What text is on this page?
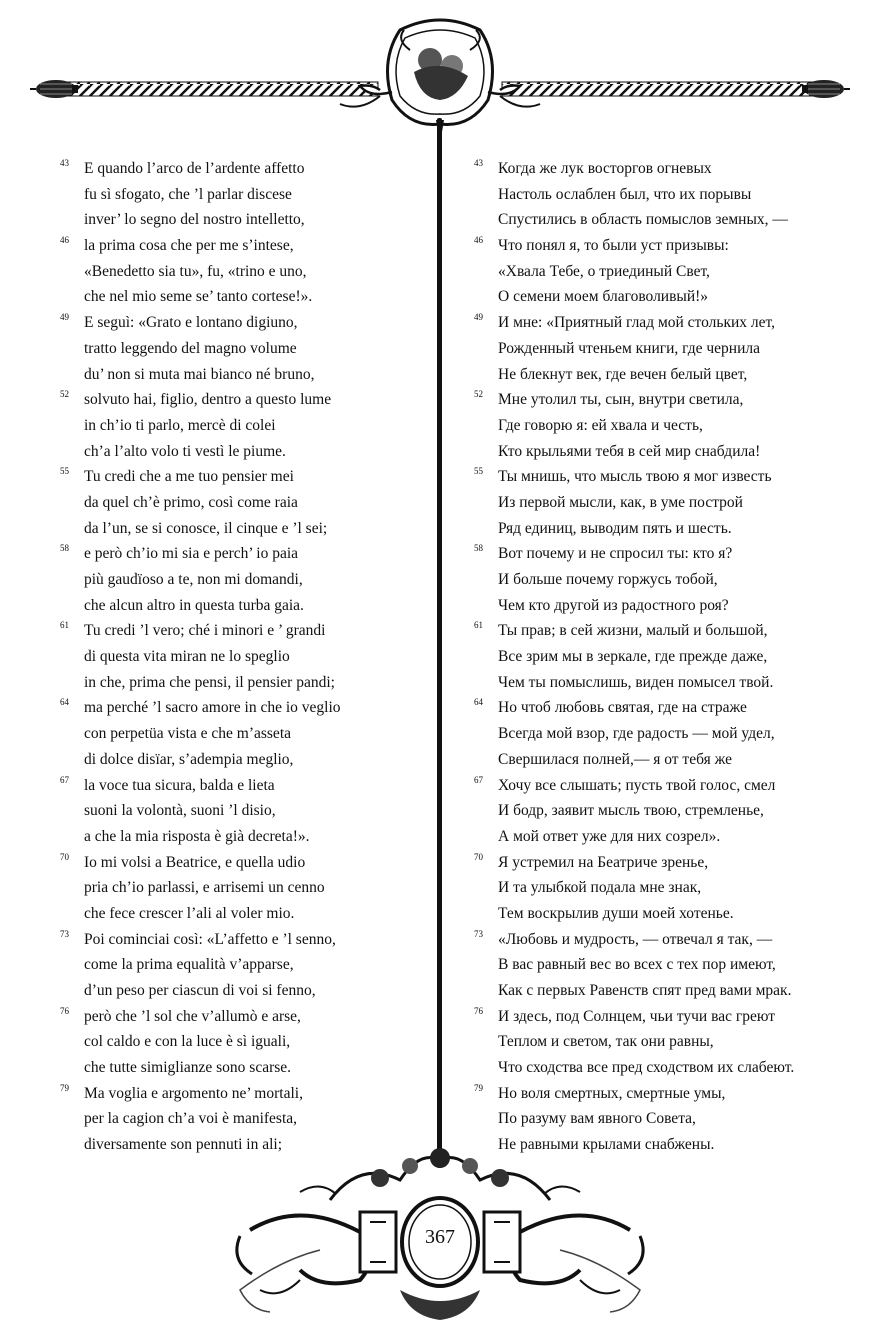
43 E quando l’arco de l’ardente affetto
fu sì sfogato, che ’l parlar discese
inver’ lo segno del nostro intelletto,
46 la prima cosa che per me s’intese,
«Benedetto sia tu», fu, «trino e uno,
che nel mio seme se’ tanto cortese!».
49 E seguì: «Grato e lontano digiuno,
tratto leggendo del magno volume
du’ non si muta mai bianco né bruno,
52 solvuto hai, figlio, dentro a questo lume
in ch’io ti parlo, mercè di colei
ch’a l’alto volo ti vestì le piume.
55 Tu credi che a me tuo pensier mei
da quel ch’è primo, così come raia
da l’un, se si conosce, il cinque e ’l sei;
58 e però ch’io mi sia e perch’ io paia
più gaudïoso a te, non mi domandi,
che alcun altro in questa turba gaia.
61 Tu credi ’l vero; ché i minori e ’ grandi
di questa vita miran ne lo speglio
in che, prima che pensi, il pensier pandi;
64 ma perché ’l sacro amore in che io veglio
con perpetüa vista e che m’asseta
di dolce disïar, s’adempia meglio,
67 la voce tua sicura, balda e lieta
suoni la volontà, suoni ’l disio,
a che la mia risposta è già decreta!».
70 Io mi volsi a Beatrice, e quella udio
pria ch’io parlassi, e arrisemi un cenno
che fece crescer l’ali al voler mio.
73 Poi cominciai così: «L’affetto e ’l senno,
come la prima equalità v’apparse,
d’un peso per ciascun di voi si fenno,
76 però che ’l sol che v’allumò e arse,
col caldo e con la luce è sì iguali,
che tutte simiglianze sono scarse.
79 Ma voglia e argomento ne’ mortali,
per la cagion ch’a voi è manifesta,
diversamente son pennuti in ali;
43 Когда же лук восторгов огневых
Настоль ослаблен был, что их порывы
Спустились в область помыслов земных, —
46 Что понял я, то были уст призывы:
«Хвала Тебе, о триединый Свет,
О семени моем благоволивый!»
49 И мне: «Приятный глад мой стольких лет,
Рожденный чтеньем книги, где чернила
Не блекнут век, где вечен белый цвет,
52 Мне утолил ты, сын, внутри светила,
Где говорю я: ей хвала и честь,
Кто крыльями тебя в сей мир снабдила!
55 Ты мнишь, что мысль твою я мог известь
Из первой мысли, как, в уме построй
Ряд единиц, выводим пять и шесть.
58 Вот почему и не спросил ты: кто я?
И больше почему горжусь тобой,
Чем кто другой из радостного роя?
61 Ты прав; в сей жизни, малый и большой,
Все зрим мы в зеркале, где прежде даже,
Чем ты помыслишь, виден помысел твой.
64 Но чтоб любовь святая, где на страже
Всегда мой взор, где радость — мой удел,
Свершилася полней,— я от тебя же
67 Хочу все слышать; пусть твой голос, смел
И бодр, заявит мысль твою, стремленье,
А мой ответ уже для них созрел».
70 Я устремил на Беатриче зренье,
И та улыбкой подала мне знак,
Тем воскрылив души моей хотенье.
73 «Любовь и мудрость, — отвечал я так, —
В вас равный вес во всех с тех пор имеют,
Как с первых Равенств спят пред вами мрак.
76 И здесь, под Солнцем, чьи тучи вас греют
Теплом и светом, так они равны,
Что сходства все пред сходством их слабеют.
79 Но воля смертных, смертные умы,
По разуму вам явного Совета,
Не равными крылами снабжены.
367
